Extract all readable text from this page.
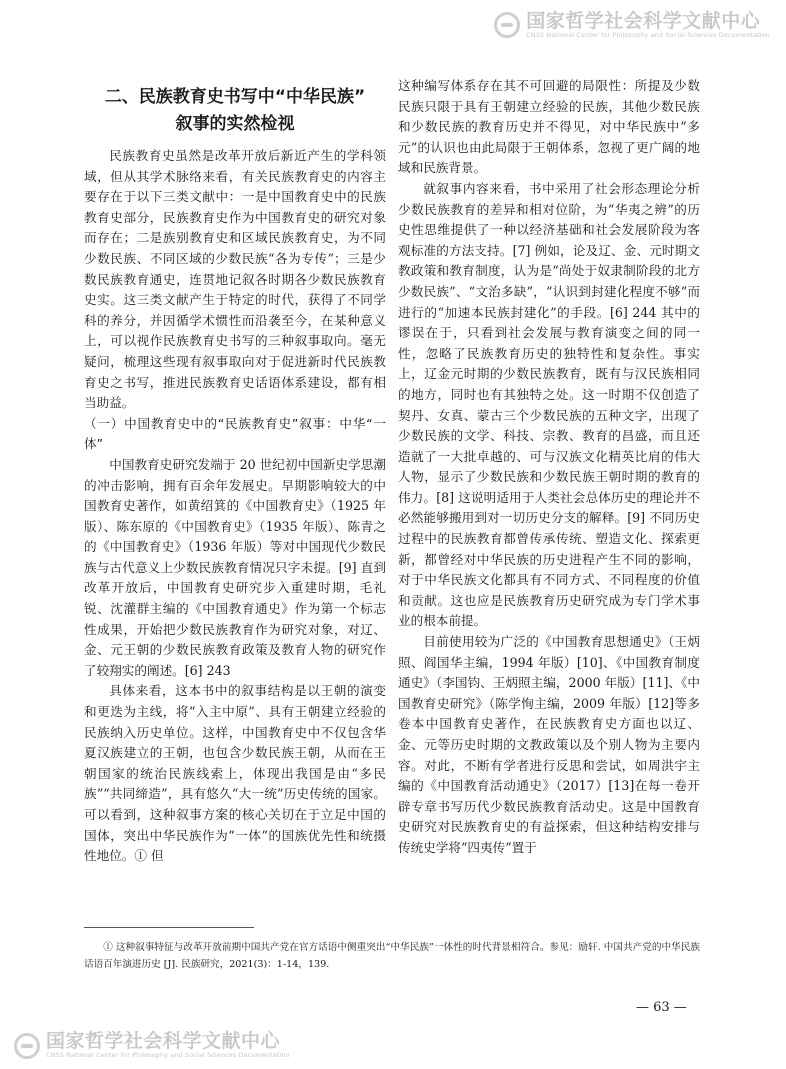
国家哲学社会科学文献中心
CNSS National Center for Philosophy and Social Sciences Documentation
二、民族教育史书写中“中华民族”
叙事的实然检视

民族教育史虽然是改革开放后新近产生的学科领域，但从其学术脉络来看，有关民族教育史的内容主要存在于以下三类文献中：一是中国教育史中的民族教育史部分，民族教育史作为中国教育史的研究对象而存在；二是族别教育史和区域民族教育史，为不同少数民族、不同区域的少数民族“各为专传”；三是少数民族教育通史，连贯地记叙各时期各少数民族教育史实。这三类文献产生于特定的时代，获得了不同学科的养分，并因循学术惯性而沿袭至今，在某种意义上，可以视作民族教育史书写的三种叙事取向。毫无疑问，梳理这些现有叙事取向对于促进新时代民族教育史之书写，推进民族教育史话语体系建设，都有相当助益。

（一）中国教育史中的“民族教育史”叙事：中华“一体”

中国教育史研究发端于 20 世纪初中国新史学思潮的冲击影响，拥有百余年发展史。早期影响较大的中国教育史著作，如黄绍箕的《中国教育史》（1925 年版）、陈东原的《中国教育史》（1935 年版）、陈青之的《中国教育史》（1936 年版）等对中国现代少数民族与古代意义上少数民族教育情况只字未提。[9] 直到改革开放后，中国教育史研究步入重建时期，毛礼锐、沈灌群主编的《中国教育通史》作为第一个标志性成果，开始把少数民族教育作为研究对象，对辽、金、元王朝的少数民族教育政策及教育人物的研究作了较翔实的阐述。[6] 243

具体来看，这本书中的叙事结构是以王朝的演变和更迭为主线，将“入主中原”、具有王朝建立经验的民族纳入历史单位。这样，中国教育史中不仅包含华夏汉族建立的王朝，也包含少数民族王朝，从而在王朝国家的统治民族线索上，体现出我国是由“多民族”“共同缔造”，具有悠久“大一统”历史传统的国家。可以看到，这种叙事方案的核心关切在于立足中国的国体，突出中华民族作为“一体”的国族优先性和统摄性地位。① 但

这种编写体系存在其不可回避的局限性：所提及少数民族只限于具有王朝建立经验的民族，其他少数民族和少数民族的教育历史并不得见，对中华民族中“多元”的认识也由此局限于王朝体系，忽视了更广阔的地域和民族背景。

就叙事内容来看，书中采用了社会形态理论分析少数民族教育的差异和相对位阶，为“华夷之辨”的历史性思维提供了一种以经济基础和社会发展阶段为客观标准的方法支持。[7] 例如，论及辽、金、元时期文教政策和教育制度，认为是“尚处于奴隶制阶段的北方少数民族”、“文治多缺”，“认识到封建化程度不够”而进行的“加速本民族封建化”的手段。[6] 244 其中的谬误在于，只看到社会发展与教育演变之间的同一性，忽略了民族教育历史的独特性和复杂性。事实上，辽金元时期的少数民族教育，既有与汉民族相同的地方，同时也有其独特之处。这一时期不仅创造了契丹、女真、蒙古三个少数民族的五种文字，出现了少数民族的文学、科技、宗教、教育的昌盛，而且还造就了一大批卓越的、可与汉族文化精英比肩的伟大人物，显示了少数民族和少数民族王朝时期的教育的伟力。[8] 这说明适用于人类社会总体历史的理论并不必然能够搬用到对一切历史分支的解释。[9] 不同历史过程中的民族教育都曾传承传统、塑造文化、探索更新，都曾经对中华民族的历史进程产生不同的影响，对于中华民族文化都具有不同方式、不同程度的价值和贡献。这也应是民族教育历史研究成为专门学术事业的根本前提。

目前使用较为广泛的《中国教育思想通史》（王炳照、阎国华主编，1994 年版）[10]、《中国教育制度通史》（李国钧、王炳照主编，2000 年版）[11]、《中国教育史研究》（陈学恂主编，2009 年版）[12]等多卷本中国教育史著作，在民族教育史方面也以辽、金、元等历史时期的文教政策以及个别人物为主要内容。对此，不断有学者进行反思和尝试，如周洪宇主编的《中国教育活动通史》（2017）[13]在每一卷开辟专章书写历代少数民族教育活动史。这是中国教育史研究对民族教育史的有益探索，但这种结构安排与传统史学将“四夷传”置于

① 这种叙事特征与改革开放前期中国共产党在官方话语中侧重突出“中华民族”一体性的时代背景相符合。参见：励轩. 中国共产党的中华民族话语百年演进历史 [J]. 民族研究，2021(3)：1-14，139.
— 63 —
国家哲学社会科学文献中心
CNSS National Center for Philosophy and Social Sciences Documentation
